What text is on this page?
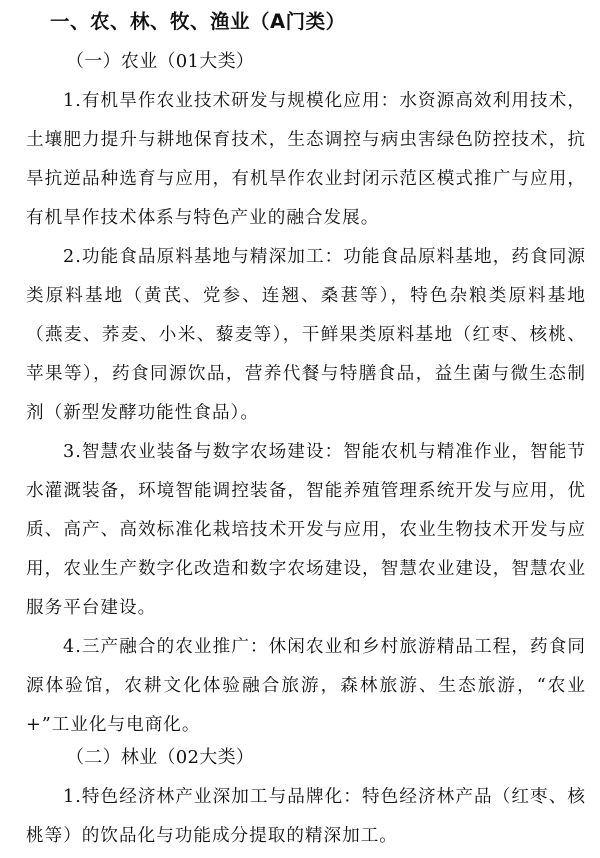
一、农、林、牧、渔业（A门类）
（一）农业（01大类）

1.有机旱作农业技术研发与规模化应用：水资源高效利用技术，土壤肥力提升与耕地保育技术，生态调控与病虫害绿色防控技术，抗旱抗逆品种选育与应用，有机旱作农业封闭示范区模式推广与应用，有机旱作技术体系与特色产业的融合发展。

2.功能食品原料基地与精深加工：功能食品原料基地，药食同源类原料基地（黄芪、党参、连翘、桑葚等），特色杂粮类原料基地（燕麦、荞麦、小米、藜麦等），干鲜果类原料基地（红枣、核桃、苹果等），药食同源饮品，营养代餐与特膳食品，益生菌与微生态制剂（新型发酵功能性食品）。

3.智慧农业装备与数字农场建设：智能农机与精准作业，智能节水灌溉装备，环境智能调控装备，智能养殖管理系统开发与应用，优质、高产、高效标准化栽培技术开发与应用，农业生物技术开发与应用，农业生产数字化改造和数字农场建设，智慧农业建设，智慧农业服务平台建设。

4.三产融合的农业推广：休闲农业和乡村旅游精品工程，药食同源体验馆，农耕文化体验融合旅游，森林旅游、生态旅游，“农业+”工业化与电商化。

（二）林业（02大类）

1.特色经济林产业深加工与品牌化：特色经济林产品（红枣、核桃等）的饮品化与功能成分提取的精深加工。
